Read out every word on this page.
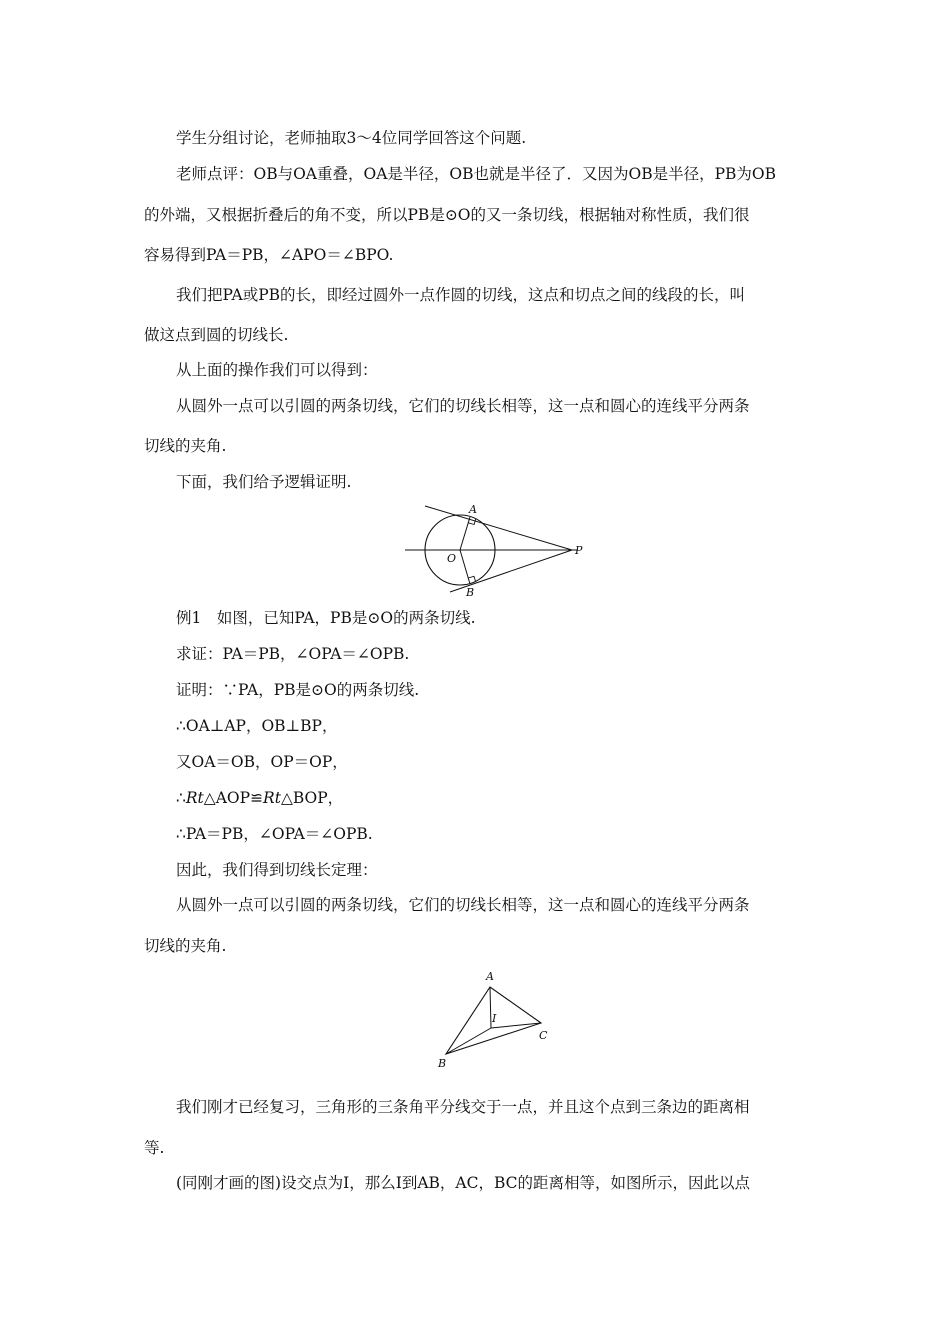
学生分组讨论，老师抽取3～4位同学回答这个问题.
老师点评：OB与OA重叠，OA是半径，OB也就是半径了．又因为OB是半径，PB为OB
的外端，又根据折叠后的角不变，所以PB是⊙O的又一条切线，根据轴对称性质，我们很
容易得到PA＝PB，∠APO＝∠BPO.
我们把PA或PB的长，即经过圆外一点作圆的切线，这点和切点之间的线段的长，叫
做这点到圆的切线长.
从上面的操作我们可以得到：
从圆外一点可以引圆的两条切线，它们的切线长相等，这一点和圆心的连线平分两条
切线的夹角.
下面，我们给予逻辑证明.
A
O
B
P
例1　如图，已知PA，PB是⊙O的两条切线.
求证：PA＝PB，∠OPA＝∠OPB.
证明：∵PA，PB是⊙O的两条切线.
∴OA⊥AP，OB⊥BP，
又OA＝OB，OP＝OP，
∴Rt△AOP≌Rt△BOP，
∴PA＝PB，∠OPA＝∠OPB.
因此，我们得到切线长定理：
从圆外一点可以引圆的两条切线，它们的切线长相等，这一点和圆心的连线平分两条
切线的夹角.
A
I
C
B
我们刚才已经复习，三角形的三条角平分线交于一点，并且这个点到三条边的距离相
等.
(同刚才画的图)设交点为I，那么I到AB，AC，BC的距离相等，如图所示，因此以点
